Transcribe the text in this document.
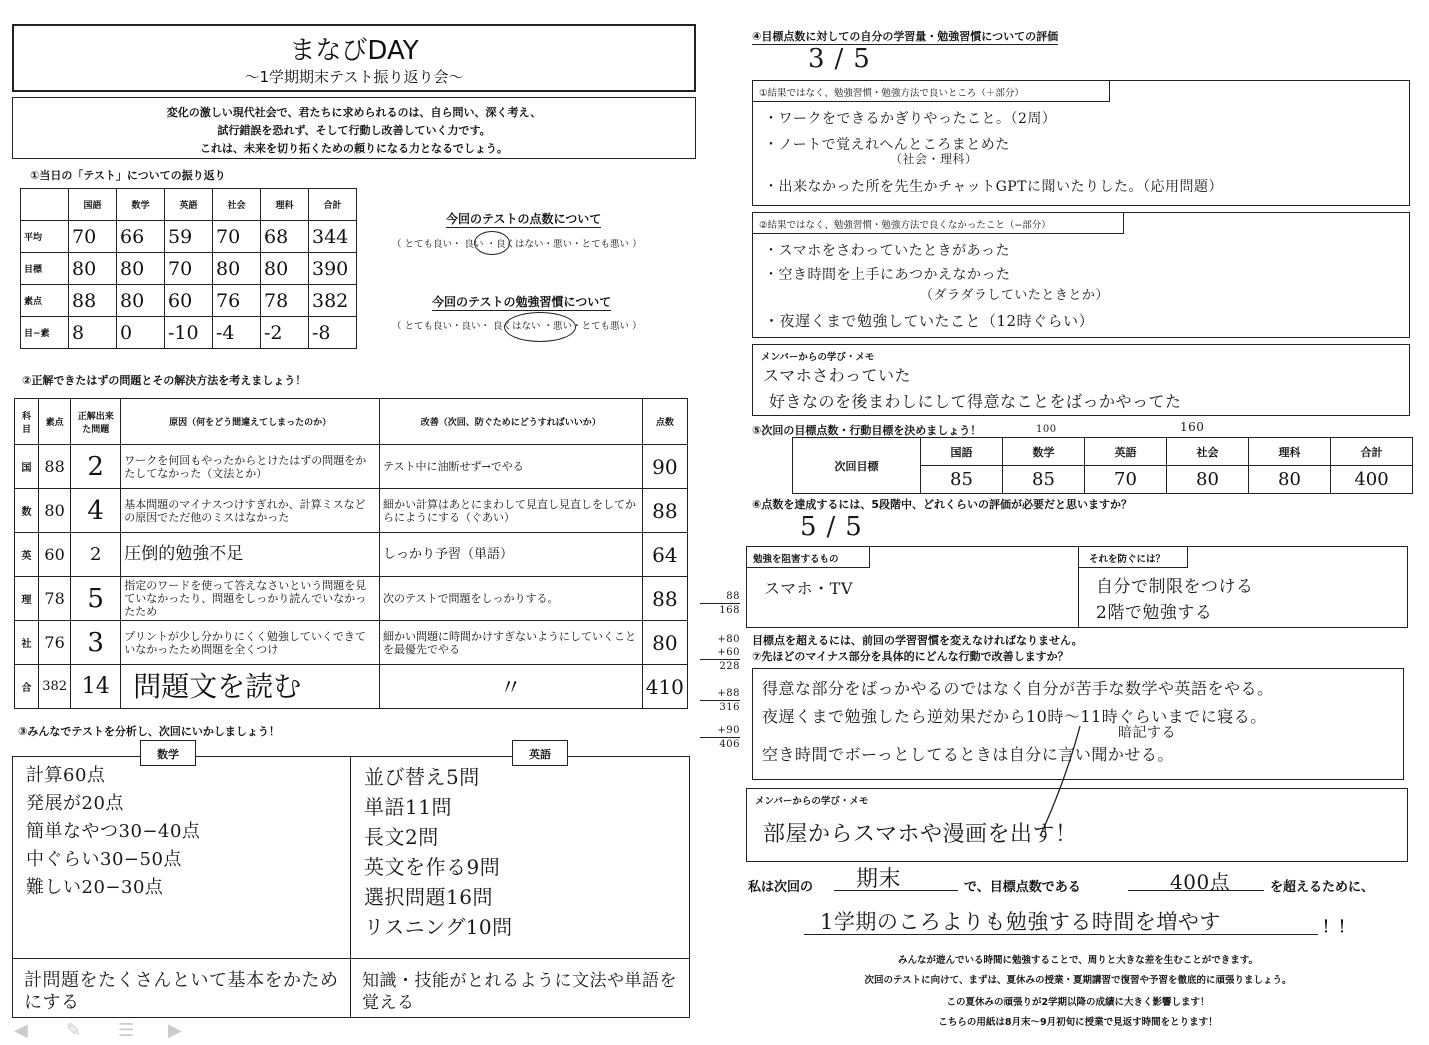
まなびDAY
〜1学期期末テスト振り返り会〜
変化の激しい現代社会で、君たちに求められるのは、自ら問い、深く考え、
試行錯誤を恐れず、そして行動し改善していく力です。
これは、未来を切り拓くための頼りになる力となるでしょう。
①当日の「テスト」についての振り返り
	国語	数学	英語	社会	理科	合計
平均	70	66	59	70	68	344
目標	80	80	70	80	80	390
素点	88	80	60	76	78	382
目−素	8	0	-10	-4	-2	-8
今回のテストの点数について
（ とても良い・ 良い ・良くはない・悪い・とても悪い ）
今回のテストの勉強習慣について
（ とても良い・良い・ 良くはない ・悪い・とても悪い ）
②正解できたはずの問題とその解決方法を考えましょう！
科目	素点	正解出来た問題	原因（何をどう間違えてしまったのか）	改善（次回、防ぐためにどうすればいいか）	点数
国	88	2	ワークを何回もやったからとけたはずの問題をかたしてなかった（文法とか）	テスト中に油断せず→でやる	90
数	80	4	基本問題のマイナスつけすぎれか、計算ミスなどの原因でただ他のミスはなかった	細かい計算はあとにまわして見直し見直しをしてからにようにする（ぐあい）	88
英	60	2	圧倒的勉強不足	しっかり予習（単語）	64
理	78	5	指定のワードを使って答えなさいという問題を見ていなかったり、問題をしっかり読んでいなかったため	次のテストで問題をしっかりする。	88
社	76	3	プリントが少し分かりにくく勉強していくできていなかったため問題を全くつけ	細かい問題に時間かけすぎないようにしていくことを最優先でやる	80
合	382	14	問題文を読む	〃	410
88
168
+80
+60
228
+88
316
+90
406
③みんなでテストを分析し、次回にいかしましょう！
数学	英語
計算60点
発展が20点
簡単なやつ30−40点
中ぐらい30−50点
難しい20−30点
並び替え5問
単語11問
長文2問
英文を作る9問
選択問題16問
リスニング10問
計問題をたくさんといて基本をかためにする
知識・技能がとれるように文法や単語を覚える
◀ ✎ ☰ ▶
④目標点数に対しての自分の学習量・勉強習慣についての評価
3/5
①結果ではなく、勉強習慣・勉強方法で良いところ（＋部分）
・ワークをできるかぎりやったこと。（2周）
・ノートで覚えれへんところまとめた
（社会・理科）
・出来なかった所を先生かチャットGPTに聞いたりした。（応用問題）
②結果ではなく、勉強習慣・勉強方法で良くなかったこと（−部分）
・スマホをさわっていたときがあった
・空き時間を上手にあつかえなかった
（ダラダラしていたときとか）
・夜遅くまで勉強していたこと（12時ぐらい）
メンバーからの学び・メモ
スマホさわっていた
好きなのを後まわしにして得意なことをばっかやってた
⑤次回の目標点数・行動目標を決めましょう！	100	160
次回目標	国語	数学	英語	社会	理科	合計
	85	85	70	80	80	400
⑥点数を達成するには、5段階中、どれくらいの評価が必要だと思いますか？
5/5
勉強を阻害するもの	それを防ぐには？
スマホ・TV	自分で制限をつける
2階で勉強する
目標点を超えるには、前回の学習習慣を変えなければなりません。
⑦先ほどのマイナス部分を具体的にどんな行動で改善しますか？
得意な部分をばっかやるのではなく自分が苦手な数学や英語をやる。
夜遅くまで勉強したら逆効果だから10時〜11時ぐらいまでに寝る。
暗記する
空き時間でボーっとしてるときは自分に言い聞かせる。
メンバーからの学び・メモ
部屋からスマホや漫画を出す！
私は次回の 期末	で、目標点数である	400点	を超えるために、
1学期のころよりも勉強する時間を増やす	！！
みんなが遊んでいる時間に勉強することで、周りと大きな差を生むことができます。
次回のテストに向けて、まずは、夏休みの授業・夏期講習で復習や予習を徹底的に頑張りましょう。
この夏休みの頑張りが2学期以降の成績に大きく影響します！
こちらの用紙は8月末〜9月初旬に授業で見返す時間をとります！
